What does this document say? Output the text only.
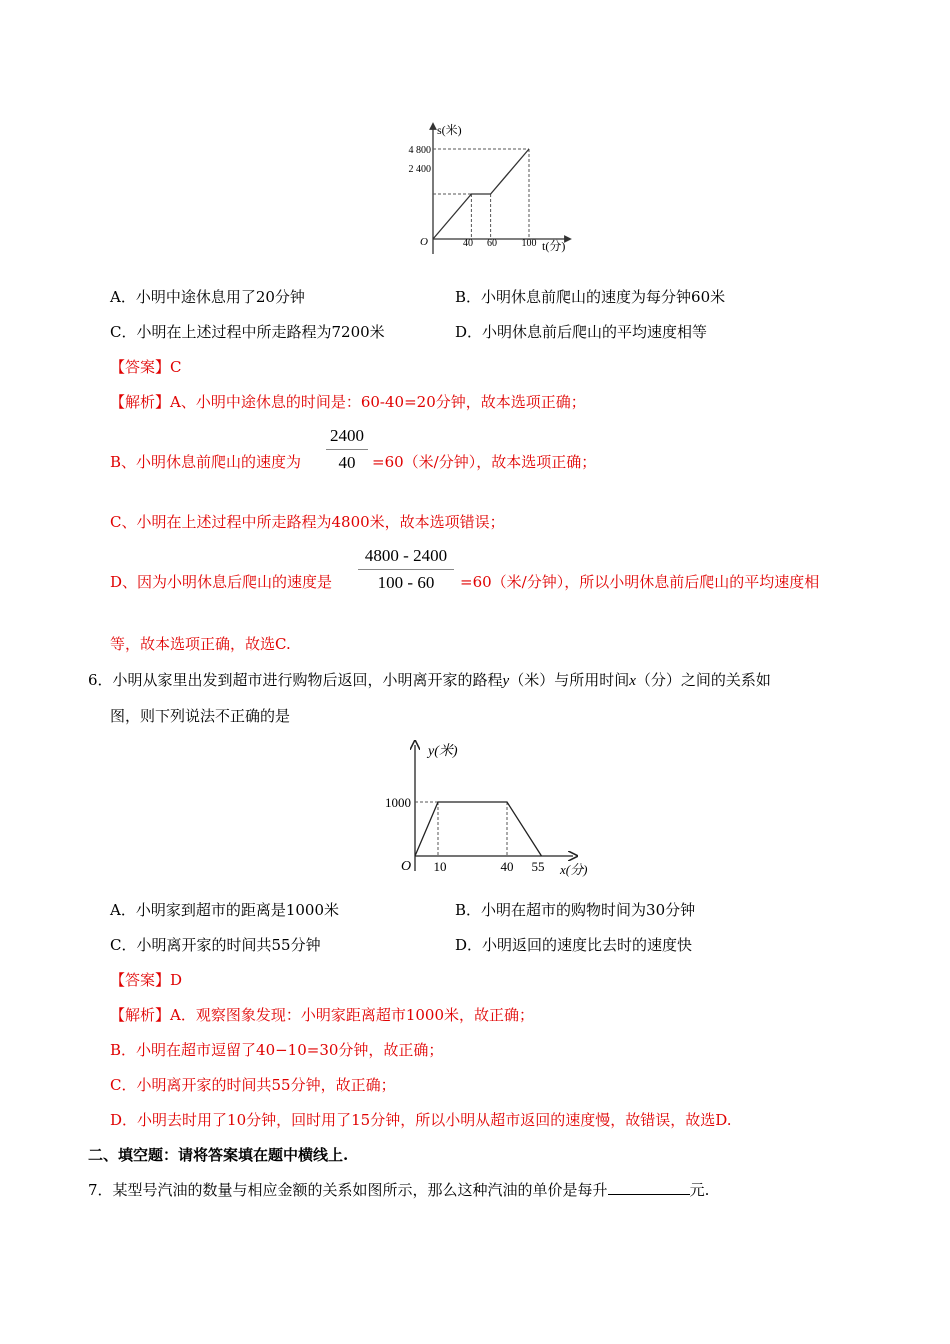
s(米)
t(分)
O
4 800
2 400
40 60 100
A．小明中途休息用了20分钟	B．小明休息前爬山的速度为每分钟60米
C．小明在上述过程中所走路程为7200米	D．小明休息前后爬山的平均速度相等
【答案】C
【解析】A、小明中途休息的时间是：60-40=20分钟，故本选项正确；
B、小明休息前爬山的速度为
2400
40	=60（米/分钟），故本选项正确；
C、小明在上述过程中所走路程为4800米，故本选项错误；
D、因为小明休息后爬山的速度是
4800 - 2400
100 - 60	=60（米/分钟），所以小明休息前后爬山的平均速度相
等，故本选项正确，故选C.
6．小明从家里出发到超市进行购物后返回，小明离开家的路程y（米）与所用时间x（分）之间的关系如
图，则下列说法不正确的是
y(米)
x(分)
O
1000
10	40 55
A．小明家到超市的距离是1000米	B．小明在超市的购物时间为30分钟
C．小明离开家的时间共55分钟	D．小明返回的速度比去时的速度快
【答案】D
【解析】A．观察图象发现：小明家距离超市1000米，故正确；
B．小明在超市逗留了40−10=30分钟，故正确；
C．小明离开家的时间共55分钟，故正确；
D．小明去时用了10分钟，回时用了15分钟，所以小明从超市返回的速度慢，故错误，故选D.
二、填空题：请将答案填在题中横线上.
7．某型号汽油的数量与相应金额的关系如图所示，那么这种汽油的单价是每升	元.
